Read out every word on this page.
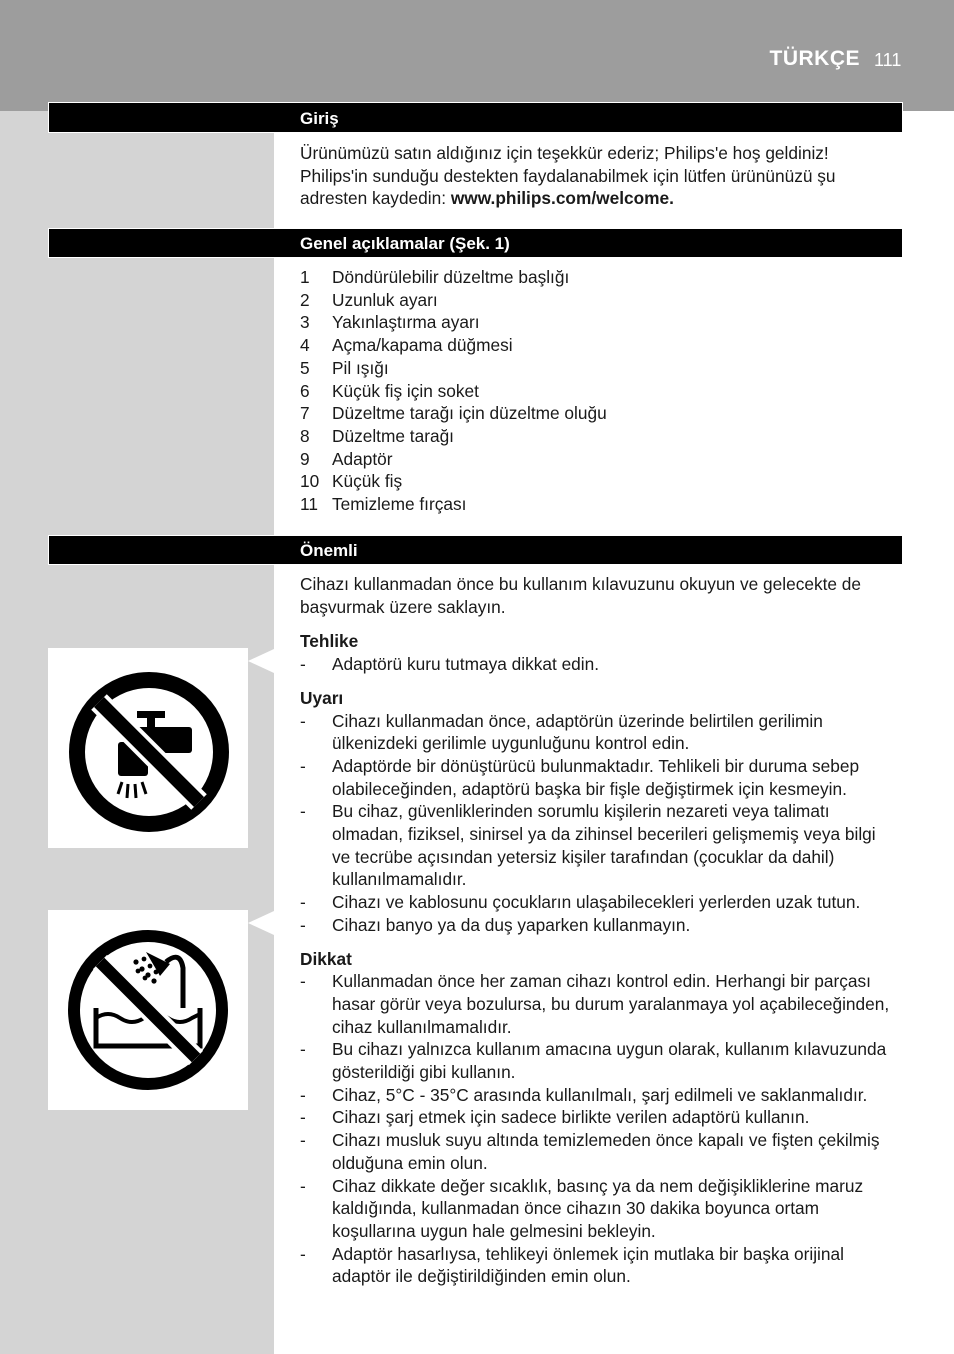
TÜRKÇE 111
Giriş

Ürünümüzü satın aldığınız için teşekkür ederiz; Philips'e hoş geldiniz! Philips'in sunduğu destekten faydalanabilmek için lütfen ürününüzü şu adresten kaydedin: www.philips.com/welcome.

Genel açıklamalar (Şek. 1)
1	Döndürülebilir düzeltme başlığı
2	Uzunluk ayarı
3	Yakınlaştırma ayarı
4	Açma/kapama düğmesi
5	Pil ışığı
6	Küçük fiş için soket
7	Düzeltme tarağı için düzeltme oluğu
8	Düzeltme tarağı
9	Adaptör
10 Küçük fiş
11 Temizleme fırçası
Önemli

Cihazı kullanmadan önce bu kullanım kılavuzunu okuyun ve gelecekte de başvurmak üzere saklayın.

Tehlike

-	Adaptörü kuru tutmaya dikkat edin.

Uyarı

-	Cihazı kullanmadan önce, adaptörün üzerinde belirtilen gerilimin ülkenizdeki gerilimle uygunluğunu kontrol edin.
-	Adaptörde bir dönüştürücü bulunmaktadır. Tehlikeli bir duruma sebep olabileceğinden, adaptörü başka bir fişle değiştirmek için kesmeyin.
-	Bu cihaz, güvenliklerinden sorumlu kişilerin nezareti veya talimatı olmadan, fiziksel, sinirsel ya da zihinsel becerileri gelişmemiş veya bilgi ve tecrübe açısından yetersiz kişiler tarafından (çocuklar da dahil) kullanılmamalıdır.
-	Cihazı ve kablosunu çocukların ulaşabilecekleri yerlerden uzak tutun.
-	Cihazı banyo ya da duş yaparken kullanmayın.

Dikkat

-	Kullanmadan önce her zaman cihazı kontrol edin. Herhangi bir parçası hasar görür veya bozulursa, bu durum yaralanmaya yol açabileceğinden, cihaz kullanılmamalıdır.
-	Bu cihazı yalnızca kullanım amacına uygun olarak, kullanım kılavuzunda gösterildiği gibi kullanın.
-	Cihaz, 5°C - 35°C arasında kullanılmalı, şarj edilmeli ve saklanmalıdır.
-	Cihazı şarj etmek için sadece birlikte verilen adaptörü kullanın.
-	Cihazı musluk suyu altında temizlemeden önce kapalı ve fişten çekilmiş olduğuna emin olun.
-	Cihaz dikkate değer sıcaklık, basınç ya da nem değişikliklerine maruz kaldığında, kullanmadan önce cihazın 30 dakika boyunca ortam koşullarına uygun hale gelmesini bekleyin.
-	Adaptör hasarlıysa, tehlikeyi önlemek için mutlaka bir başka orijinal adaptör ile değiştirildiğinden emin olun.
